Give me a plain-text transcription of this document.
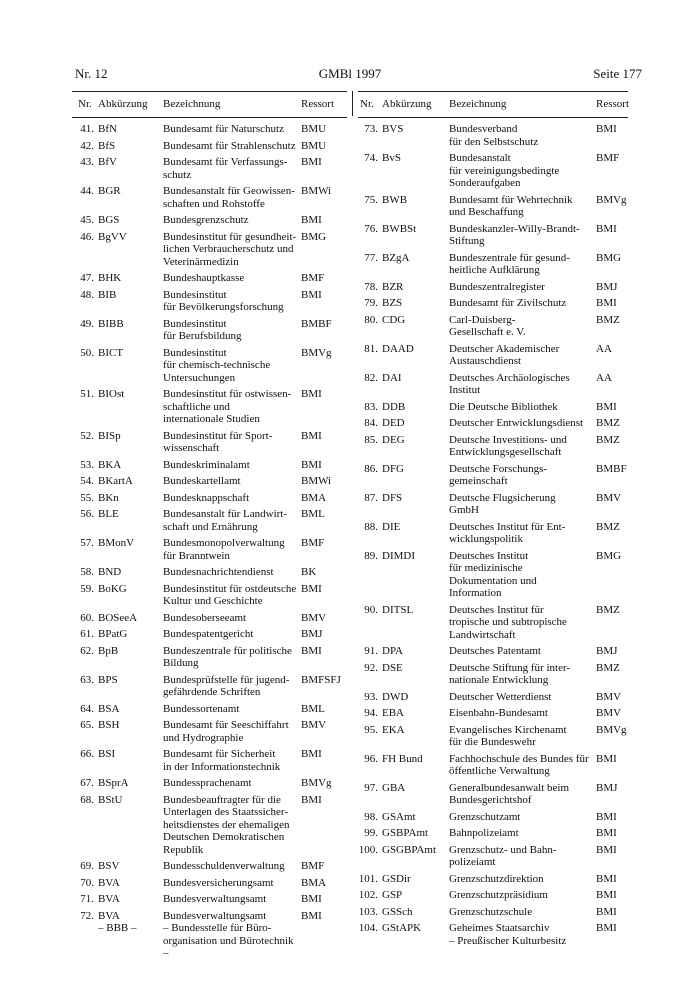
Nr. 12	GMBl 1997	Seite 177
Nr. Abkürzung Bezeichnung	Ressort
41. BfN	Bundesamt für Naturschutz	BMU
42. BfS	Bundesamt für Strahlenschutz BMU
43. BfV	Bundesamt für Verfassungs-
schutz
BMI
44. BGR	Bundesanstalt für Geowissen-
schaften und Rohstoffe
BMWi
45. BGS	Bundesgrenzschutz	BMI
46. BgVV	Bundesinstitut für gesundheit-
lichen Verbraucherschutz und
Veterinärmedizin
BMG
47. BHK	Bundeshauptkasse	BMF
48. BIB	Bundesinstitut
für Bevölkerungsforschung
BMI
49. BIBB	Bundesinstitut
für Berufsbildung
BMBF
50. BICT	Bundesinstitut
für chemisch-technische
Untersuchungen
BMVg
51. BIOst	Bundesinstitut für ostwissen-
schaftliche und
internationale Studien
BMI
52. BISp	Bundesinstitut für Sport-
wissenschaft
BMI
53. BKA	Bundeskriminalamt	BMI
54. BKartA	Bundeskartellamt	BMWi
55. BKn	Bundesknappschaft	BMA
56. BLE	Bundesanstalt für Landwirt-
schaft und Ernährung
BML
57. BMonV	Bundesmonopolverwaltung
für Branntwein
BMF
58. BND	Bundesnachrichtendienst	BK
59. BoKG	Bundesinstitut für ostdeutsche
Kultur und Geschichte
BMI
60. BOSeeA Bundesoberseeamt	BMV
61. BPatG	Bundespatentgericht	BMJ
62. BpB	Bundeszentrale für politische
Bildung
BMI
63. BPS	Bundesprüfstelle für jugend-
gefährdende Schriften
BMFSFJ
64. BSA	Bundessortenamt	BML
65. BSH	Bundesamt für Seeschiffahrt
und Hydrographie
BMV
66. BSI	Bundesamt für Sicherheit
in der Informationstechnik
BMI
67. BSprA	Bundessprachenamt	BMVg
68. BStU	Bundesbeauftragter für die
Unterlagen des Staatssicher-
heitsdienstes der ehemaligen
Deutschen Demokratischen
Republik
BMI
69. BSV	Bundesschuldenverwaltung	BMF
70. BVA	Bundesversicherungsamt	BMA
71. BVA	Bundesverwaltungsamt	BMI
72. BVA
– BBB –
Bundesverwaltungsamt
– Bundesstelle für Büro-
organisation und Bürotechnik –
BMI
Nr. Abkürzung Bezeichnung	Ressort
73. BVS	Bundesverband
für den Selbstschutz
BMI
74. BvS	Bundesanstalt
für vereinigungsbedingte
Sonderaufgaben
BMF
75. BWB	Bundesamt für Wehrtechnik
und Beschaffung
BMVg
76. BWBSt	Bundeskanzler-Willy-Brandt-
Stiftung
BMI
77. BZgA	Bundeszentrale für gesund-
heitliche Aufklärung
BMG
78. BZR	Bundeszentralregister	BMJ
79. BZS	Bundesamt für Zivilschutz	BMI
80. CDG	Carl-Duisberg-
Gesellschaft e. V.
BMZ
81. DAAD	Deutscher Akademischer
Austauschdienst
AA
82. DAI	Deutsches Archäologisches
Institut
AA
83. DDB	Die Deutsche Bibliothek	BMI
84. DED	Deutscher Entwicklungsdienst	BMZ
85. DEG	Deutsche Investitions- und
Entwicklungsgesellschaft
BMZ
86. DFG	Deutsche Forschungs-
gemeinschaft
BMBF
87. DFS	Deutsche Flugsicherung
GmbH
BMV
88. DIE	Deutsches Institut für Ent-
wicklungspolitik
BMZ
89. DIMDI	Deutsches Institut
für medizinische
Dokumentation und
Information
BMG
90. DITSL	Deutsches Institut für
tropische und subtropische
Landwirtschaft
BMZ
91. DPA	Deutsches Patentamt	BMJ
92. DSE	Deutsche Stiftung für inter-
nationale Entwicklung
BMZ
93. DWD	Deutscher Wetterdienst	BMV
94. EBA	Eisenbahn-Bundesamt	BMV
95. EKA	Evangelisches Kirchenamt
für die Bundeswehr
BMVg
96. FH Bund Fachhochschule des Bundes für
öffentliche Verwaltung
BMI
97. GBA	Generalbundesanwalt beim
Bundesgerichtshof
BMJ
98. GSAmt	Grenzschutzamt	BMI
99. GSBPAmt Bahnpolizeiamt	BMI
100. GSGBPAmt Grenzschutz- und Bahn-
polizeiamt
BMI
101. GSDir	Grenzschutzdirektion	BMI
102. GSP	Grenzschutzpräsidium	BMI
103. GSSch	Grenzschutzschule	BMI
104. GStAPK	Geheimes Staatsarchiv
– Preußischer Kulturbesitz
BMI
